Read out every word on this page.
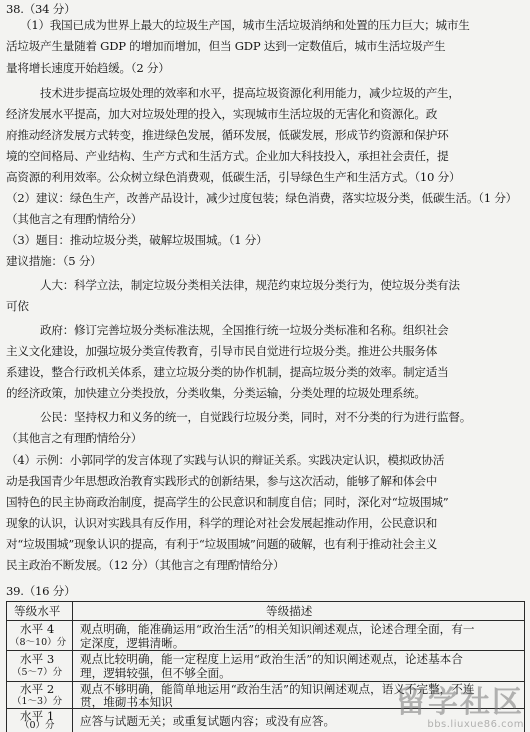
38.（34 分）
（1）我国已成为世界上最大的垃圾生产国，城市生活垃圾消纳和处置的压力巨大；城市生
活垃圾产生量随着 GDP 的增加而增加，但当 GDP 达到一定数值后，城市生活垃圾产生
量将增长速度开始趋缓。（2 分）
技术进步提高垃圾处理的效率和水平，提高垃圾资源化利用能力，减少垃圾的产生，
经济发展水平提高，加大对垃圾处理的投入，实现城市生活垃圾的无害化和资源化。政
府推动经济发展方式转变，推进绿色发展，循环发展，低碳发展，形成节约资源和保护环
境的空间格局、产业结构、生产方式和生活方式。企业加大科技投入，承担社会责任，提
高资源的利用效率。公众树立绿色消费观，低碳生活，引导绿色生产和生活方式。（10 分）
（2）建议：绿色生产，改善产品设计，减少过度包装；绿色消费，落实垃圾分类，低碳生活。（1 分）
（其他言之有理酌情给分）
（3）题目：推动垃圾分类，破解垃圾围城。（1 分）
建议措施：（5 分）
人大：科学立法，制定垃圾分类相关法律，规范约束垃圾分类行为，使垃圾分类有法
可依
政府：修订完善垃圾分类标准法规，全国推行统一垃圾分类标准和名称。组织社会
主义文化建设，加强垃圾分类宣传教育，引导市民自觉进行垃圾分类。推进公共服务体
系建设，整合行政机关体系，建立垃圾分类的协作机制，提高垃圾分类的效率。制定适当
的经济政策，加快建立分类投放，分类收集，分类运输，分类处理的垃圾处理系统。
公民：坚持权力和义务的统一，自觉践行垃圾分类，同时，对不分类的行为进行监督。
（其他言之有理酌情给分）
（4）示例：小郭同学的发言体现了实践与认识的辩证关系。实践决定认识，模拟政协活
动是我国青少年思想政治教育实践形式的创新结果，参与这次活动，能够了解和体会中
国特色的民主协商政治制度，提高学生的公民意识和制度自信；同时，深化对“垃圾围城”
现象的认识，认识对实践具有反作用，科学的理论对社会发展起推动作用，公民意识和
对“垃圾围城”现象认识的提高，有利于“垃圾围城”问题的破解，也有利于推动社会主义
民主政治不断发展。（12 分）（其他言之有理酌情给分）
39.（16 分）
等级水平	等级描述
水平 4
（8～10）分
观点明确，能准确运用“政治生活”的相关知识阐述观点，论述合理全面，有一
定深度，逻辑清晰。
水平 3
（5～7）分
观点比较明确，能一定程度上运用“政治生活”的知识阐述观点，论述基本合
理，逻辑较强，但不够全面。
水平 2
（1～3）分
观点不够明确，能简单地运用“政治生活”的知识阐述观点，语义不完整，不连
贯，堆砌书本知识
水平 1
（0）分 应答与试题无关；或重复试题内容；或没有应答。
留学社区
bbs.liuxue86.com
